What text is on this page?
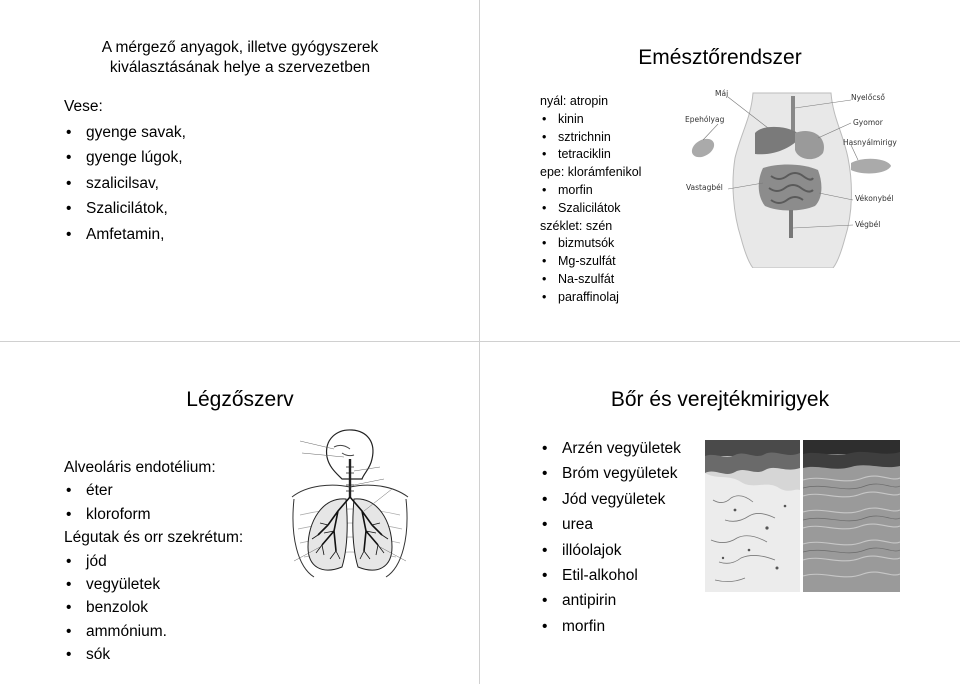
A mérgező anyagok, illetve gyógyszerek
kiválasztásának helye a szervezetben
Vese:
• gyenge savak,
• gyenge lúgok,
• szalicilsav,
• Szalicilátok,
• Amfetamin,
Emésztőrendszer
nyál: atropin
• kinin
• sztrichnin
• tetraciklin
epe: klorámfenikol
• morfin
• Szalicilátok
széklet: szén
• bizmutsók
• Mg-szulfát
• Na-szulfát
• paraffinolaj
Máj
Epehólyag
Vastagbél
Nyelőcső
Gyomor
Hasnyálmirigy
Vékonybél
Végbél
Légzőszerv
Alveoláris endotélium:
• éter
• kloroform
Légutak és orr szekrétum:
• jód
• vegyületek
• benzolok
• ammónium.
• sók
Bőr és verejtékmirigyek
• Arzén vegyületek
• Bróm vegyületek
• Jód vegyületek
• urea
• illóolajok
• Etil-alkohol
• antipirin
• morfin
